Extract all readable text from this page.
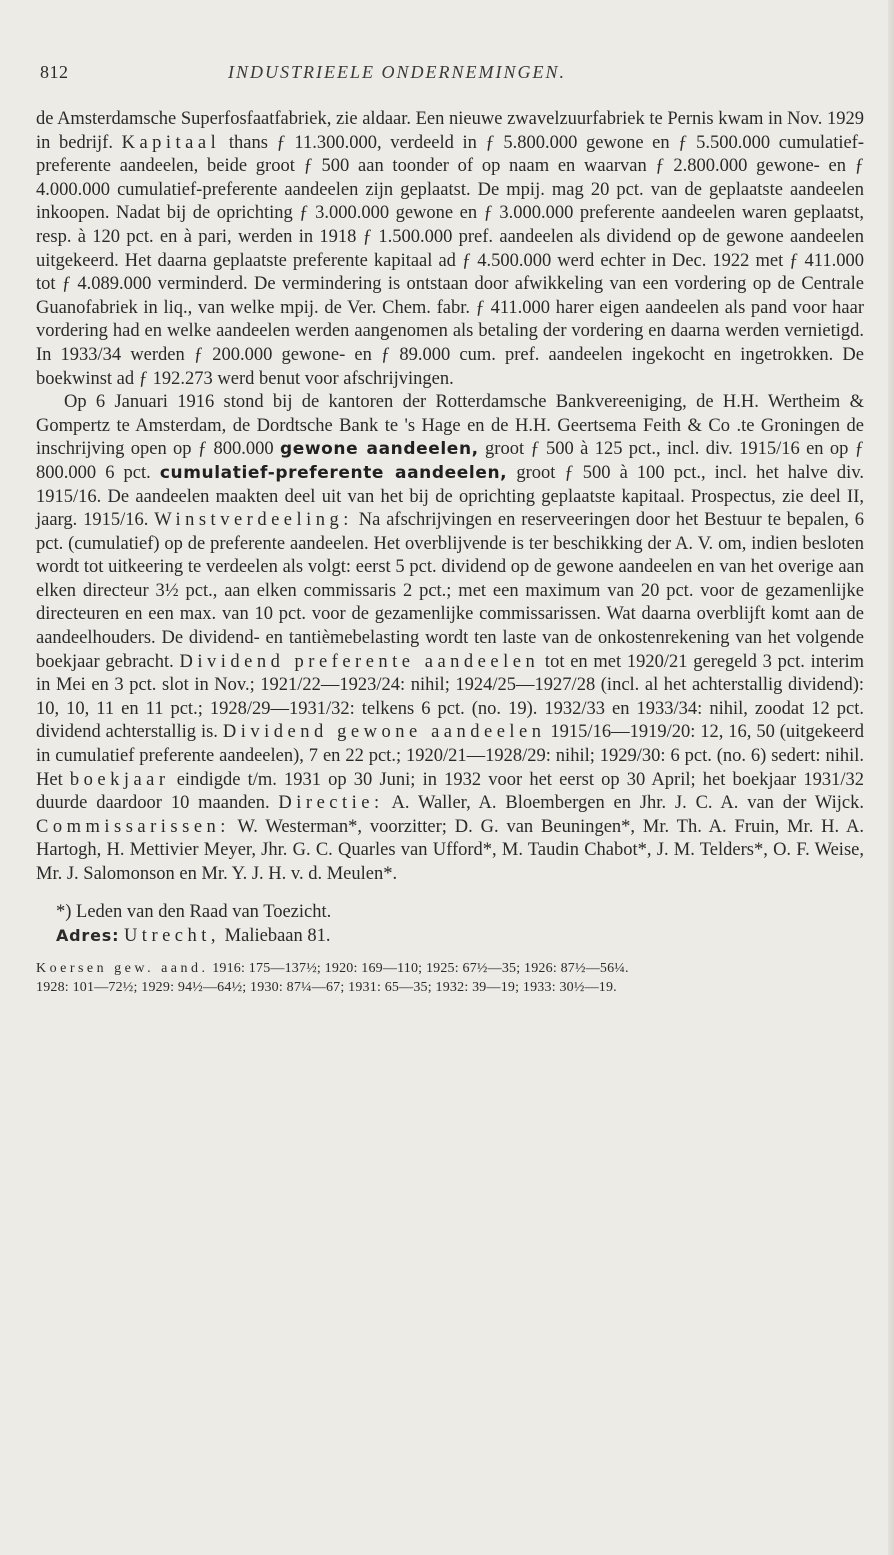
812	INDUSTRIEELE ONDERNEMINGEN.

de Amsterdamsche Superfosfaatfabriek, zie aldaar. Een nieuwe zwavelzuurfabriek te Pernis kwam in Nov. 1929 in bedrijf. Kapitaal thans ƒ 11.300.000, verdeeld in ƒ 5.800.000 gewone en ƒ 5.500.000 cumulatief-preferente aandeelen, beide groot ƒ 500 aan toonder of op naam en waarvan ƒ 2.800.000 gewone- en ƒ 4.000.000 cumulatief-preferente aandeelen zijn geplaatst. De mpij. mag 20 pct. van de geplaatste aandeelen inkoopen. Nadat bij de oprichting ƒ 3.000.000 gewone en ƒ 3.000.000 preferente aandeelen waren geplaatst, resp. à 120 pct. en à pari, werden in 1918 ƒ 1.500.000 pref. aandeelen als dividend op de gewone aandeelen uitgekeerd. Het daarna geplaatste preferente kapitaal ad ƒ 4.500.000 werd echter in Dec. 1922 met ƒ 411.000 tot ƒ 4.089.000 verminderd. De vermindering is ontstaan door afwikkeling van een vordering op de Centrale Guanofabriek in liq., van welke mpij. de Ver. Chem. fabr. ƒ 411.000 harer eigen aandeelen als pand voor haar vordering had en welke aandeelen werden aangenomen als betaling der vordering en daarna werden vernietigd. In 1933/34 werden ƒ 200.000 gewone- en ƒ 89.000 cum. pref. aandeelen ingekocht en ingetrokken. De boekwinst ad ƒ 192.273 werd benut voor afschrijvingen.

Op 6 Januari 1916 stond bij de kantoren der Rotterdamsche Bankvereeniging, de H.H. Wertheim & Gompertz te Amsterdam, de Dordtsche Bank te 's Hage en de H.H. Geertsema Feith & Co .te Groningen de inschrijving open op ƒ 800.000 gewone aandeelen, groot ƒ 500 à 125 pct., incl. div. 1915/16 en op ƒ 800.000 6 pct. cumulatief-preferente aandeelen, groot ƒ 500 à 100 pct., incl. het halve div. 1915/16. De aandeelen maakten deel uit van het bij de oprichting geplaatste kapitaal. Prospectus, zie deel II, jaarg. 1915/16. Winstverdeeling: Na afschrijvingen en reserveeringen door het Bestuur te bepalen, 6 pct. (cumulatief) op de preferente aandeelen. Het overblijvende is ter beschikking der A. V. om, indien besloten wordt tot uitkeering te verdeelen als volgt: eerst 5 pct. dividend op de gewone aandeelen en van het overige aan elken directeur 3½ pct., aan elken commissaris 2 pct.; met een maximum van 20 pct. voor de gezamenlijke directeuren en een max. van 10 pct. voor de gezamenlijke commissarissen. Wat daarna overblijft komt aan de aandeelhouders. De dividend- en tantièmebelasting wordt ten laste van de onkostenrekening van het volgende boekjaar gebracht. Dividend preferente aandeelen tot en met 1920/21 geregeld 3 pct. interim in Mei en 3 pct. slot in Nov.; 1921/22—1923/24: nihil; 1924/25—1927/28 (incl. al het achterstallig dividend): 10, 10, 11 en 11 pct.; 1928/29—1931/32: telkens 6 pct. (no. 19). 1932/33 en 1933/34: nihil, zoodat 12 pct. dividend achterstallig is. Dividend gewone aandeelen 1915/16—1919/20: 12, 16, 50 (uitgekeerd in cumulatief preferente aandeelen), 7 en 22 pct.; 1920/21—1928/29: nihil; 1929/30: 6 pct. (no. 6) sedert: nihil. Het boekjaar eindigde t/m. 1931 op 30 Juni; in 1932 voor het eerst op 30 April; het boekjaar 1931/32 duurde daardoor 10 maanden. Directie: A. Waller, A. Bloembergen en Jhr. J. C. A. van der Wijck. Commissarissen: W. Westerman*, voorzitter; D. G. van Beuningen*, Mr. Th. A. Fruin, Mr. H. A. Hartogh, H. Mettivier Meyer, Jhr. G. C. Quarles van Ufford*, M. Taudin Chabot*, J. M. Telders*, O. F. Weise, Mr. J. Salomonson en Mr. Y. J. H. v. d. Meulen*.

*) Leden van den Raad van Toezicht.

Adres: Utrecht, Maliebaan 81.

Koersen gew. aand. 1916: 175—137½; 1920: 169—110; 1925: 67½—35; 1926: 87½—56¼.
1928: 101—72½; 1929: 94½—64½; 1930: 87¼—67; 1931: 65—35; 1932: 39—19; 1933: 30½—19.
